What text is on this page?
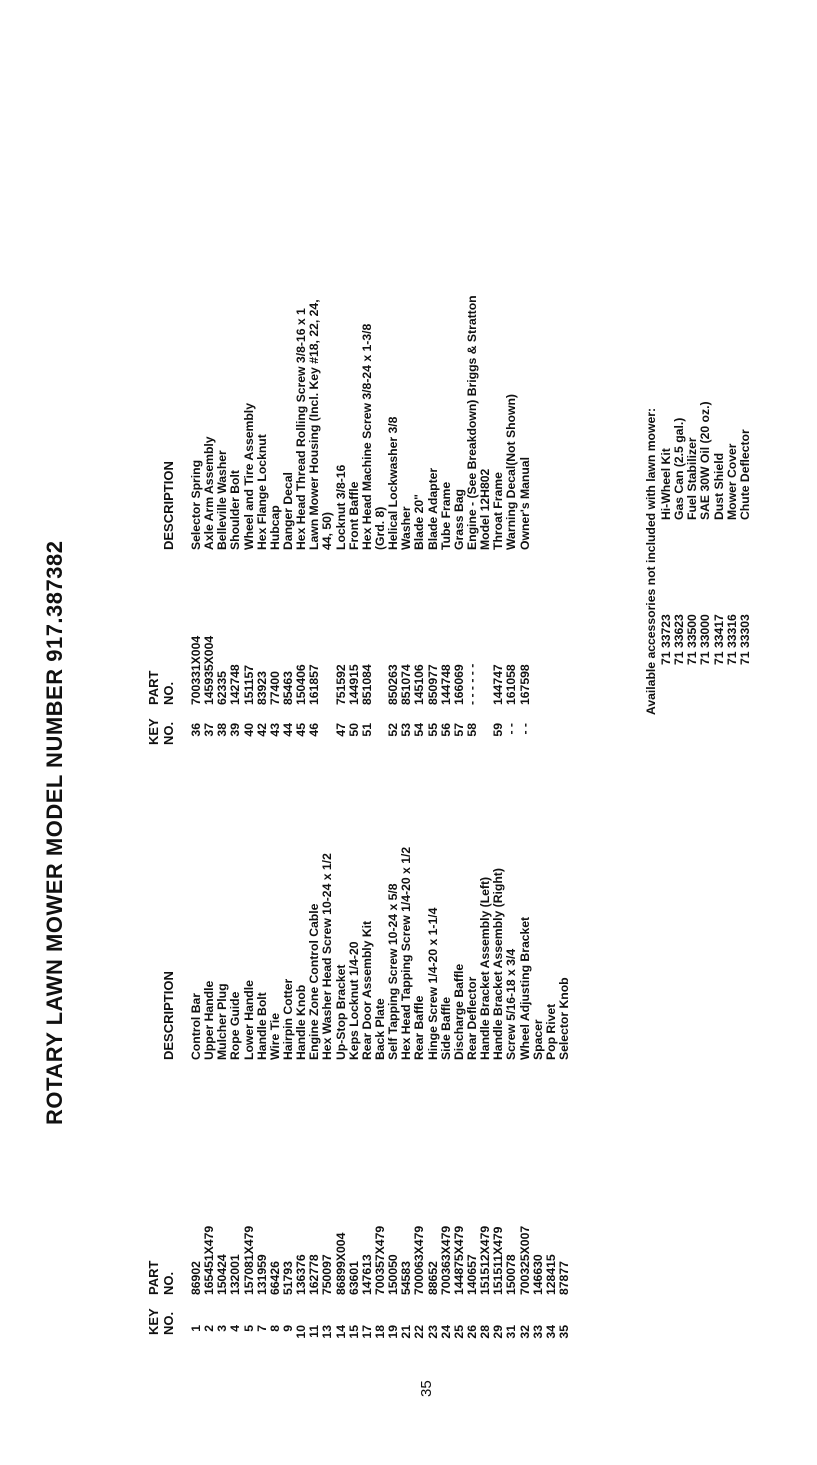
ROTARY LAWN MOWER MODEL NUMBER 917.387382
KEY NO.
PART NO.
DESCRIPTION
KEY NO.
PART NO.
DESCRIPTION
1
86902
Control Bar
2
165451X479
Upper Handle
3
150424
Mulcher Plug
4
132001
Rope Guide
5
157081X479
Lower Handle
7
131959
Handle Bolt
8
66426
Wire Tie
9
51793
Hairpin Cotter
10
136376
Handle Knob
11
162778
Engine Zone Control Cable
13
750097
Hex Washer Head Screw 10-24 x 1/2
14
86899X004
Up-Stop Bracket
15
63601
Keps Locknut 1/4-20
17
147613
Rear Door Assembly Kit
18
700357X479
Back Plate
19
150050
Self Tapping Screw 10-24 x 5/8
21
54583
Hex Head Tapping Screw 1/4-20 x 1/2
22
700063X479
Rear Baffle
23
88652
Hinge Screw 1/4-20 x 1-1/4
24
700363X479
Side Baffle
25
144875X479
Discharge Baffle
26
140657
Rear Deflector
28
151512X479
Handle Bracket Assembly (Left)
29
151511X479
Handle Bracket Assembly (Right)
31
150078
Screw 5/16-18 x 3/4
32
700325X007
Wheel Adjusting Bracket
33
146630
Spacer
34
128415
Pop Rivet
35
87877
Selector Knob
36
700331X004
Selector Spring
37
145935X004
Axle Arm Assembly
38
62335
Belleville Washer
39
142748
Shoulder Bolt
40
151157
Wheel and Tire Assembly
42
83923
Hex Flange Locknut
43
77400
Hubcap
44
85463
Danger Decal
45
150406
Hex Head Thread Rolling Screw 3/8-16 x 1
46
161857
Lawn Mower Housing (Incl. Key #18, 22, 24, 44, 50)
47
751592
Locknut 3/8-16
50
144915
Front Baffle
51
851084
Hex Head Machine Screw 3/8-24 x 1-3/8 (Grd. 8)
52
850263
Helical Lockwasher 3/8
53
851074
Washer
54
145106
Blade 20"
55
850977
Blade Adapter
56
144748
Tube Frame
57
166069
Grass Bag
58
- - - - - -
Engine - (See Breakdown) Briggs & Stratton Model 12H802
59
144747
Throat Frame
- -
161058
Warning Decal(Not Shown)
- -
167598
Owner's Manual	Available accessories not included with lawn mower: 71 33723
Hi-Wheel Kit
71 33623
Gas Can (2.5 gal.)
71 33500
Fuel Stabilizer
71 33000
SAE 30W Oil (20 oz.)
71 33417
Dust Shield
71 33316
Mower Cover
71 33303
Chute Deflector
35
